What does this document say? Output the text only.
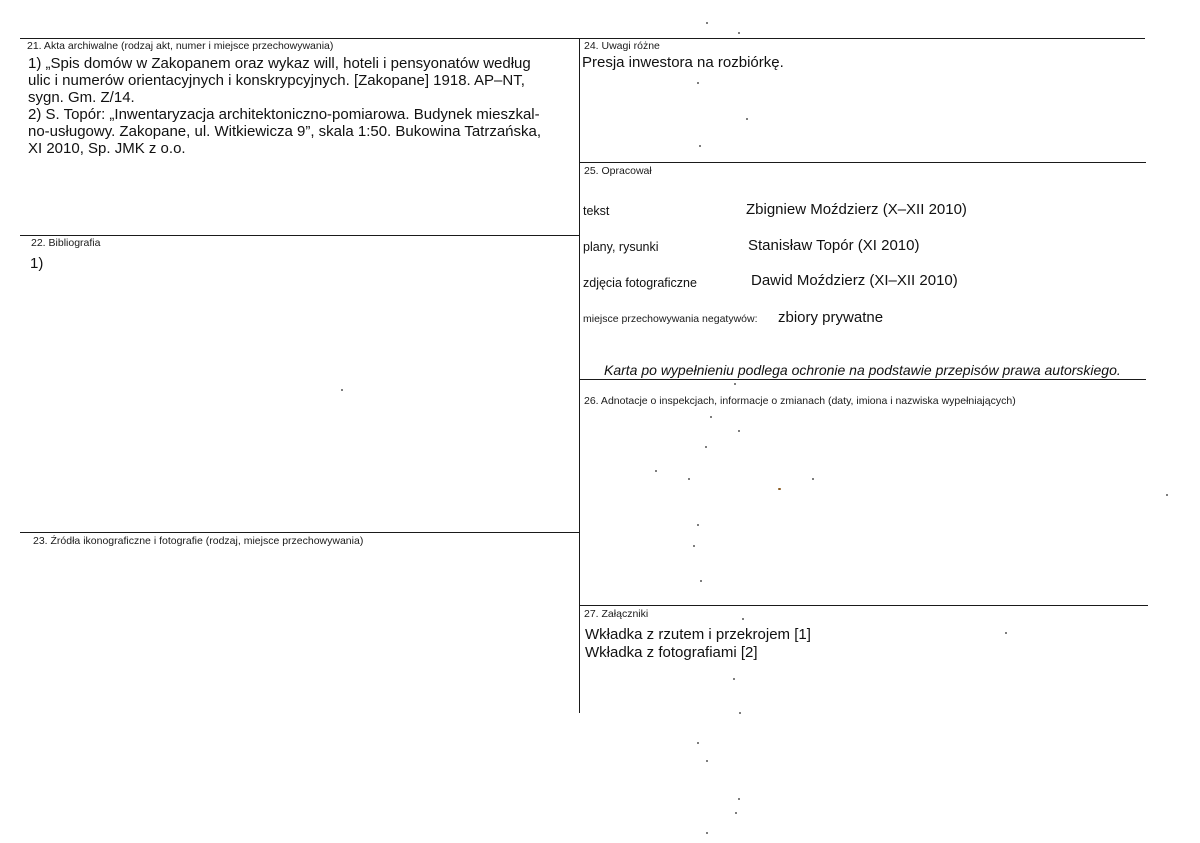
21. Akta archiwalne (rodzaj akt, numer i miejsce przechowywania)
1) „Spis domów w Zakopanem oraz wykaz will, hoteli i pensyonatów według
ulic i numerów orientacyjnych i konskrypcyjnych. [Zakopane] 1918. AP–NT,
sygn. Gm. Z/14.
2) S. Topór: „Inwentaryzacja architektoniczno-pomiarowa. Budynek mieszkal-
no-usługowy. Zakopane, ul. Witkiewicza 9”, skala 1:50. Bukowina Tatrzańska,
XI 2010, Sp. JMK z o.o.
22. Bibliografia
1)
23. Źródła ikonograficzne i fotografie (rodzaj, miejsce przechowywania)
24. Uwagi różne
Presja inwestora na rozbiórkę.
25. Opracował
tekst	Zbigniew Moździerz (X–XII 2010)
plany, rysunki	Stanisław Topór (XI 2010)
zdjęcia fotograficzne	Dawid Moździerz (XI–XII 2010)
miejsce przechowywania negatywów: zbiory prywatne
Karta po wypełnieniu podlega ochronie na podstawie przepisów prawa autorskiego.
26. Adnotacje o inspekcjach, informacje o zmianach (daty, imiona i nazwiska wypełniających)
27. Załączniki
Wkładka z rzutem i przekrojem [1]
Wkładka z fotografiami [2]
